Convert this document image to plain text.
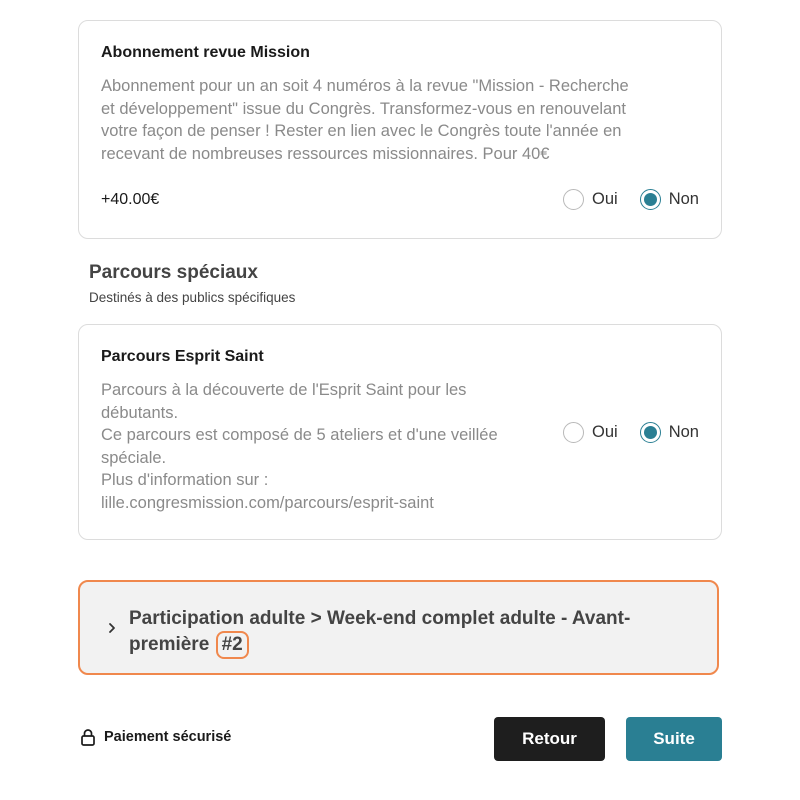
Abonnement revue Mission
Abonnement pour un an soit 4 numéros à la revue "Mission - Recherche
et développement" issue du Congrès. Transformez-vous en renouvelant
votre façon de penser ! Rester en lien avec le Congrès toute l'année en
recevant de nombreuses ressources missionnaires. Pour 40€
+40.00€	Oui	Non
Parcours spéciaux
Destinés à des publics spécifiques
Parcours Esprit Saint
Parcours à la découverte de l'Esprit Saint pour les
débutants.
Ce parcours est composé de 5 ateliers et d'une veillée
spéciale.
Plus d'information sur :
lille.congresmission.com/parcours/esprit-saint
Oui	Non
Participation adulte > Week-end complet adulte - Avant-première #2
Paiement sécurisé	Retour	Suite
